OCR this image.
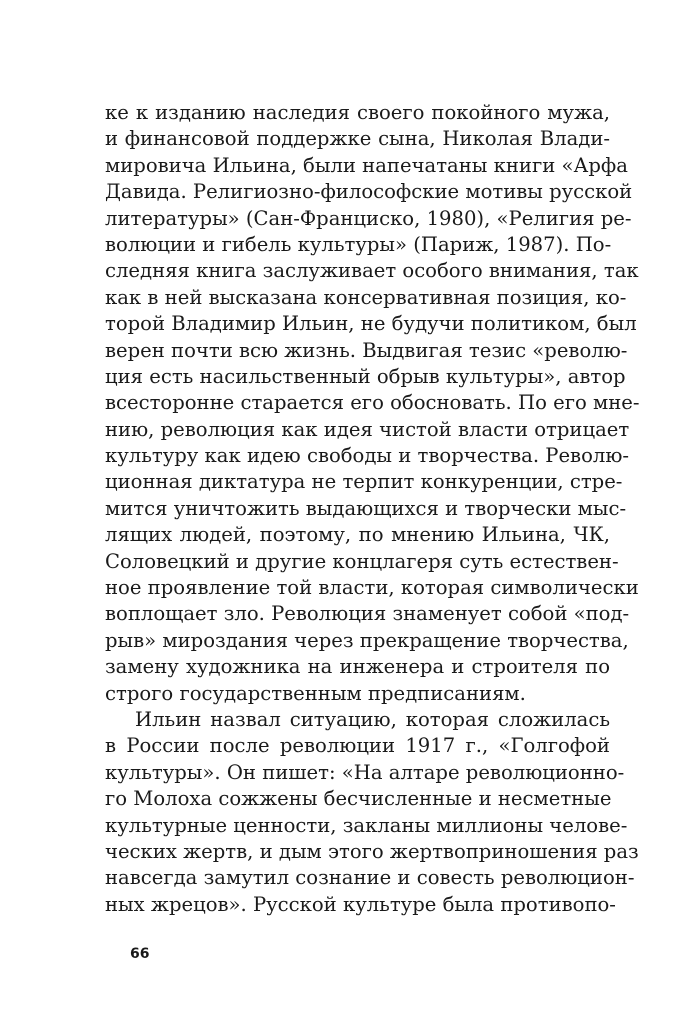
ке к изданию наследия своего покойного мужа,
и финансовой поддержке сына, Николая Влади-
мировича Ильина, были напечатаны книги «Арфа
Давида. Религиозно-философские мотивы русской
литературы» (Сан-Франциско, 1980), «Религия ре-
волюции и гибель культуры» (Париж, 1987). По-
следняя книга заслуживает особого внимания, так
как в ней высказана консервативная позиция, ко-
торой Владимир Ильин, не будучи политиком, был
верен почти всю жизнь. Выдвигая тезис «револю-
ция есть насильственный обрыв культуры», автор
всесторонне старается его обосновать. По его мне-
нию, революция как идея чистой власти отрицает
культуру как идею свободы и творчества. Револю-
ционная диктатура не терпит конкуренции, стре-
мится уничтожить выдающихся и творчески мыс-
лящих людей, поэтому, по мнению Ильина, ЧК,
Соловецкий и другие концлагеря суть естествен-
ное проявление той власти, которая символически
воплощает зло. Революция знаменует собой «под-
рыв» мироздания через прекращение творчества,
замену художника на инженера и строителя по
строго государственным предписаниям.
Ильин назвал ситуацию, которая сложилась
в России после революции 1917 г., «Голгофой
культуры». Он пишет: «На алтаре революционно-
го Молоха сожжены бесчисленные и несметные
культурные ценности, закланы миллионы челове-
ческих жертв, и дым этого жертвоприношения раз
навсегда замутил сознание и совесть революцион-
ных жрецов». Русской культуре была противопо-
66
